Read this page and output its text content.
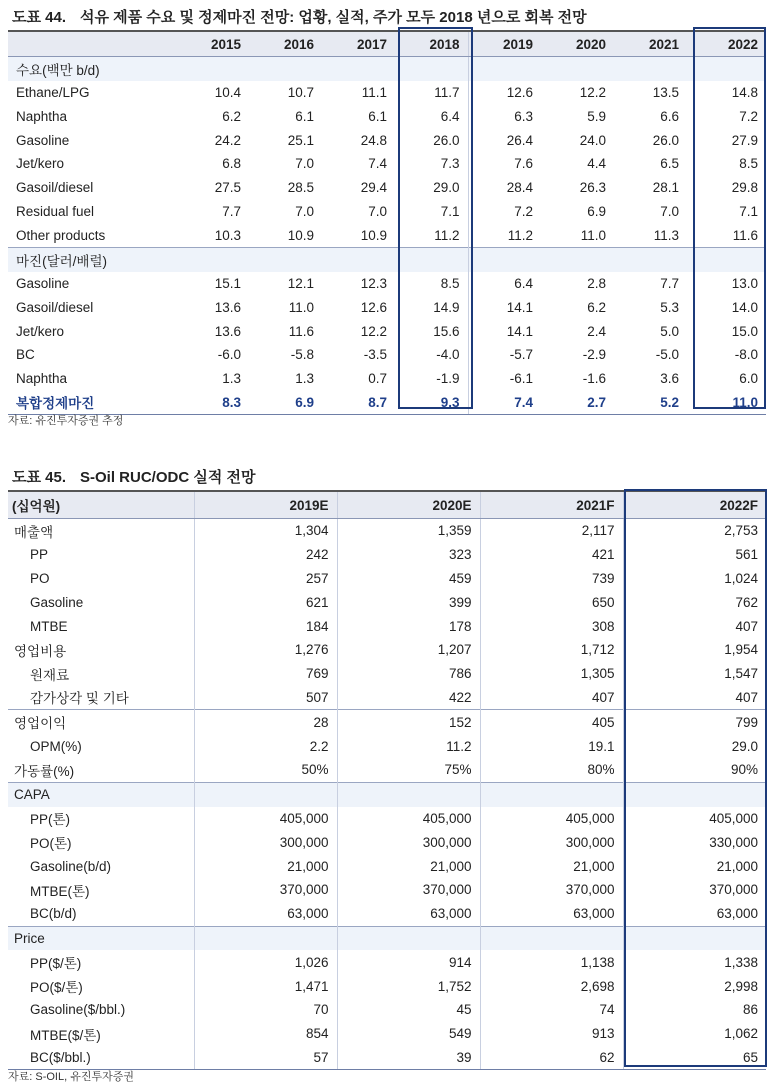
도표 44. 석유 제품 수요 및 정제마진 전망: 업황, 실적, 주가 모두 2018 년으로 회복 전망
	2015	2016	2017	2018	2019	2020	2021	2022
수요(백만 b/d)								
Ethane/LPG	10.4	10.7	11.1	11.7	12.6	12.2	13.5	14.8
Naphtha	6.2	6.1	6.1	6.4	6.3	5.9	6.6	7.2
Gasoline	24.2	25.1	24.8	26.0	26.4	24.0	26.0	27.9
Jet/kero	6.8	7.0	7.4	7.3	7.6	4.4	6.5	8.5
Gasoil/diesel	27.5	28.5	29.4	29.0	28.4	26.3	28.1	29.8
Residual fuel	7.7	7.0	7.0	7.1	7.2	6.9	7.0	7.1
Other products	10.3	10.9	10.9	11.2	11.2	11.0	11.3	11.6
마진(달러/배럴)								
Gasoline	15.1	12.1	12.3	8.5	6.4	2.8	7.7	13.0
Gasoil/diesel	13.6	11.0	12.6	14.9	14.1	6.2	5.3	14.0
Jet/kero	13.6	11.6	12.2	15.6	14.1	2.4	5.0	15.0
BC	-6.0	-5.8	-3.5	-4.0	-5.7	-2.9	-5.0	-8.0
Naphtha	1.3	1.3	0.7	-1.9	-6.1	-1.6	3.6	6.0
복합정제마진	8.3	6.9	8.7	9.3	7.4	2.7	5.2	11.0
자료: 유진투자증권 추정
도표 45. S-Oil RUC/ODC 실적 전망
(십억원)	2019E	2020E	2021F	2022F
매출액	1,304	1,359	2,117	2,753
PP	242	323	421	561
PO	257	459	739	1,024
Gasoline	621	399	650	762
MTBE	184	178	308	407
영업비용	1,276	1,207	1,712	1,954
원재료	769	786	1,305	1,547
감가상각 및 기타	507	422	407	407
영업이익	28	152	405	799
OPM(%)	2.2	11.2	19.1	29.0
가동률(%)	50%	75%	80%	90%
CAPA				
PP(톤)	405,000	405,000	405,000	405,000
PO(톤)	300,000	300,000	300,000	330,000
Gasoline(b/d)	21,000	21,000	21,000	21,000
MTBE(톤)	370,000	370,000	370,000	370,000
BC(b/d)	63,000	63,000	63,000	63,000
Price				
PP($/톤)	1,026	914	1,138	1,338
PO($/톤)	1,471	1,752	2,698	2,998
Gasoline($/bbl.)	70	45	74	86
MTBE($/톤)	854	549	913	1,062
BC($/bbl.)	57	39	62	65
자료: S-OIL, 유진투자증권
